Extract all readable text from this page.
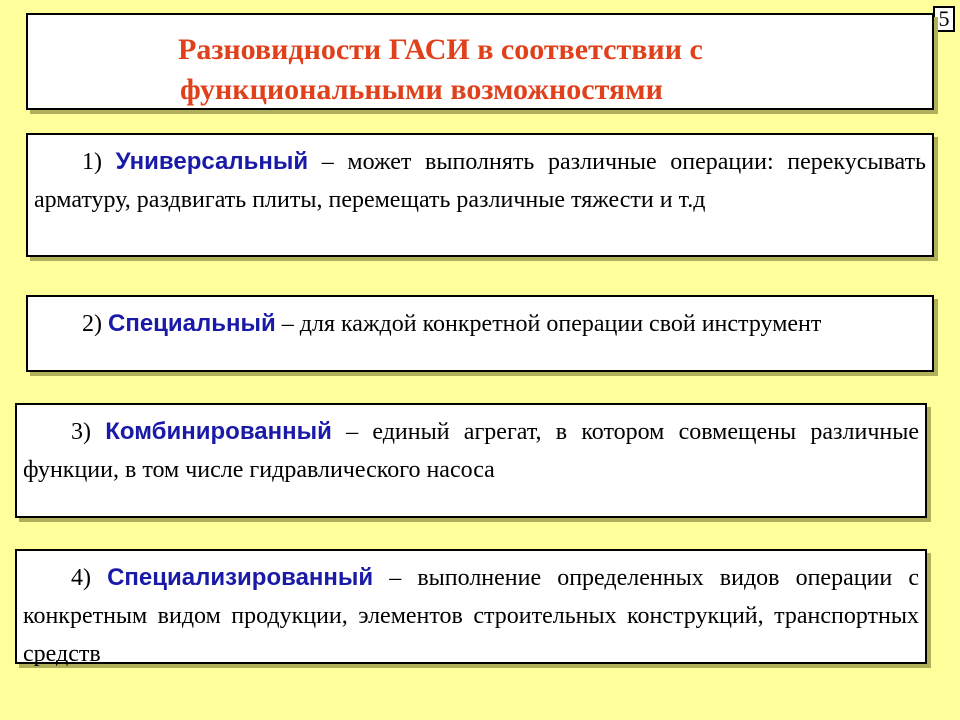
5
Разновидности ГАСИ в соответствии с
функциональными возможностями

1) Универсальный – может выполнять различные операции: перекусывать арматуру, раздвигать плиты, перемещать различные тяжести и т.д

2) Специальный – для каждой конкретной операции свой инструмент

3) Комбинированный – единый агрегат, в котором совмещены различные функции, в том числе гидравлического насоса

4) Специализированный – выполнение определенных видов операции с конкретным видом продукции, элементов строительных конструкций, транспортных средств
